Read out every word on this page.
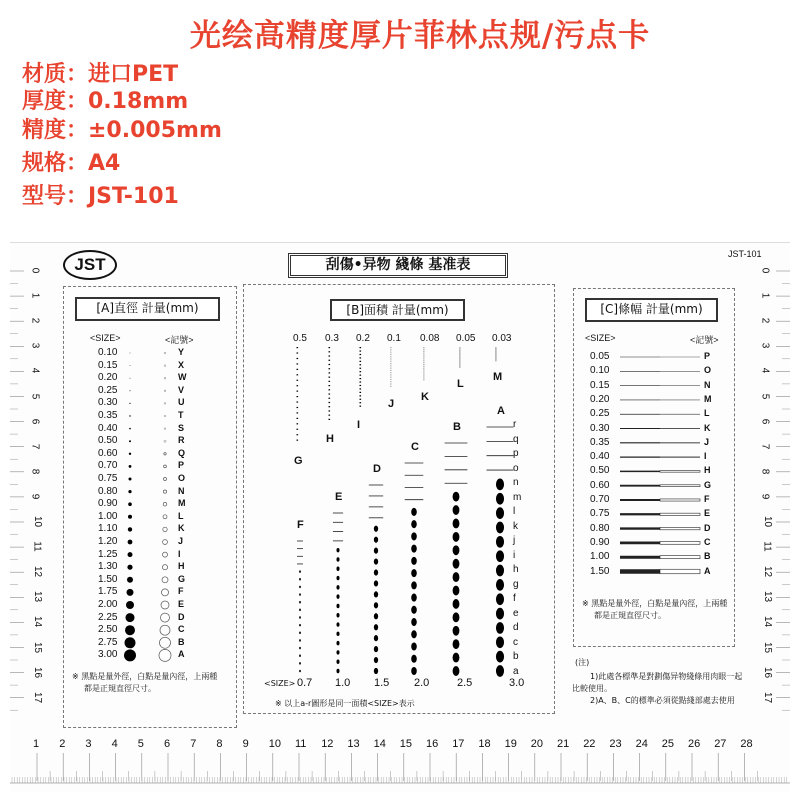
光绘高精度厚片菲林点规/污点卡
材质：进口PET
厚度：0.18mm
精度：±0.005mm
规格：A4
型号：JST-101
JST
JST-101
刮傷•异物 綫條 基准表
[A]直徑 計量(mm)
<SIZE>	<記號>
0.10	Y
0.15	X
0.20	W
0.25	V
0.30	U
0.35	T
0.40	S
0.50	R
0.60	Q
0.70	P
0.75	O
0.80	N
0.90	M
1.00	L
1.10	K
1.20	J
1.25	I
1.30	H
1.50	G
1.75	F
2.00	E
2.25	D
2.50	C
2.75	B
3.00	A
※ 黑點是量外徑，白點是量內徑，上兩種
都是正規直徑尺寸。
[B]面積 計量(mm)
0.5
G
0.3
H
0.2
I
0.1
J
0.08
K
0.05
L
0.03
M
F
E
D
C
B
A
r
q
p
o
n
m
l
k
j
i
h
g
f
e
d
c
b
a
<SIZE> 0.7 1.0 1.5 2.0	2.5	3.0
※ 以上a-r圖形是同一面積<SIZE>表示
[C]條幅 計量(mm)
<SIZE>	<記號>
0.05	P
0.10	O
0.15	N
0.20	M
0.25	L
0.30	K
0.35	J
0.40	I
0.50	H
0.60	G
0.70	F
0.75	E
0.80	D
0.90	C
1.00	B
1.50	A
※ 黑點是量外徑，白點是量內徑，上兩種
都是正規直徑尺寸。
(注)
1)此處各標準是對劃傷异物綫條用肉眼一起
比較使用。
2)A、B、C的標準必須從點綫部處去使用
0	0
1	1
2	2
3	3
4	4
5	5
6	6
7	7
8	8
9	9
10	10
11	11
12	12
13	13
14	14
15	15
16	16
17	17
1 2 3 4 5 6 7 8 9 10 11 12 13 14 15 16 17 18 19 20 21 22 23 24 25 26 27 28
